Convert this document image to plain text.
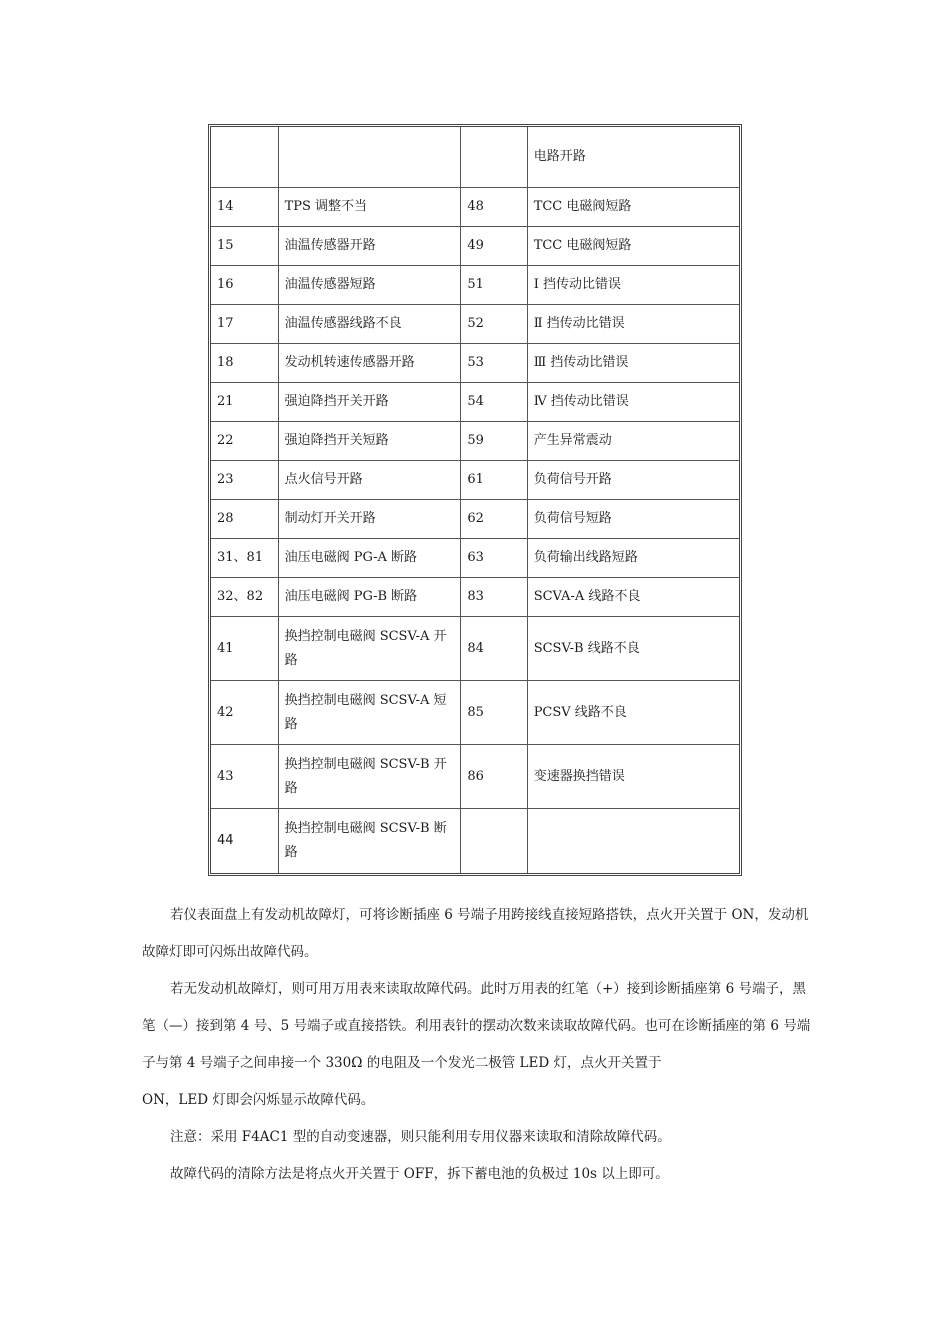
			电路开路
14	TPS 调整不当	48	TCC 电磁阀短路
15	油温传感器开路	49	TCC 电磁阀短路
16	油温传感器短路	51	Ⅰ 挡传动比错误
17	油温传感器线路不良	52	Ⅱ 挡传动比错误
18	发动机转速传感器开路	53	Ⅲ 挡传动比错误
21	强迫降挡开关开路	54	Ⅳ 挡传动比错误
22	强迫降挡开关短路	59	产生异常震动
23	点火信号开路	61	负荷信号开路
28	制动灯开关开路	62	负荷信号短路
31、81	油压电磁阀 PG-A 断路	63	负荷输出线路短路
32、82	油压电磁阀 PG-B 断路	83	SCVA-A 线路不良
41	换挡控制电磁阀 SCSV-A 开路	84	SCSV-B 线路不良
42	换挡控制电磁阀 SCSV-A 短路	85	PCSV 线路不良
43	换挡控制电磁阀 SCSV-B 开路	86	变速器换挡错误
44	换挡控制电磁阀 SCSV-B 断路		

若仪表面盘上有发动机故障灯，可将诊断插座 6 号端子用跨接线直接短路搭铁，点火开关置于 ON，发动机故障灯即可闪烁出故障代码。

若无发动机故障灯，则可用万用表来读取故障代码。此时万用表的红笔（+）接到诊断插座第 6 号端子，黑笔（—）接到第 4 号、5 号端子或直接搭铁。利用表针的摆动次数来读取故障代码。也可在诊断插座的第 6 号端子与第 4 号端子之间串接一个 330Ω 的电阻及一个发光二极管 LED 灯，点火开关置于

ON，LED 灯即会闪烁显示故障代码。

注意：采用 F4AC1 型的自动变速器，则只能利用专用仪器来读取和清除故障代码。

故障代码的清除方法是将点火开关置于 OFF，拆下蓄电池的负极过 10s 以上即可。
